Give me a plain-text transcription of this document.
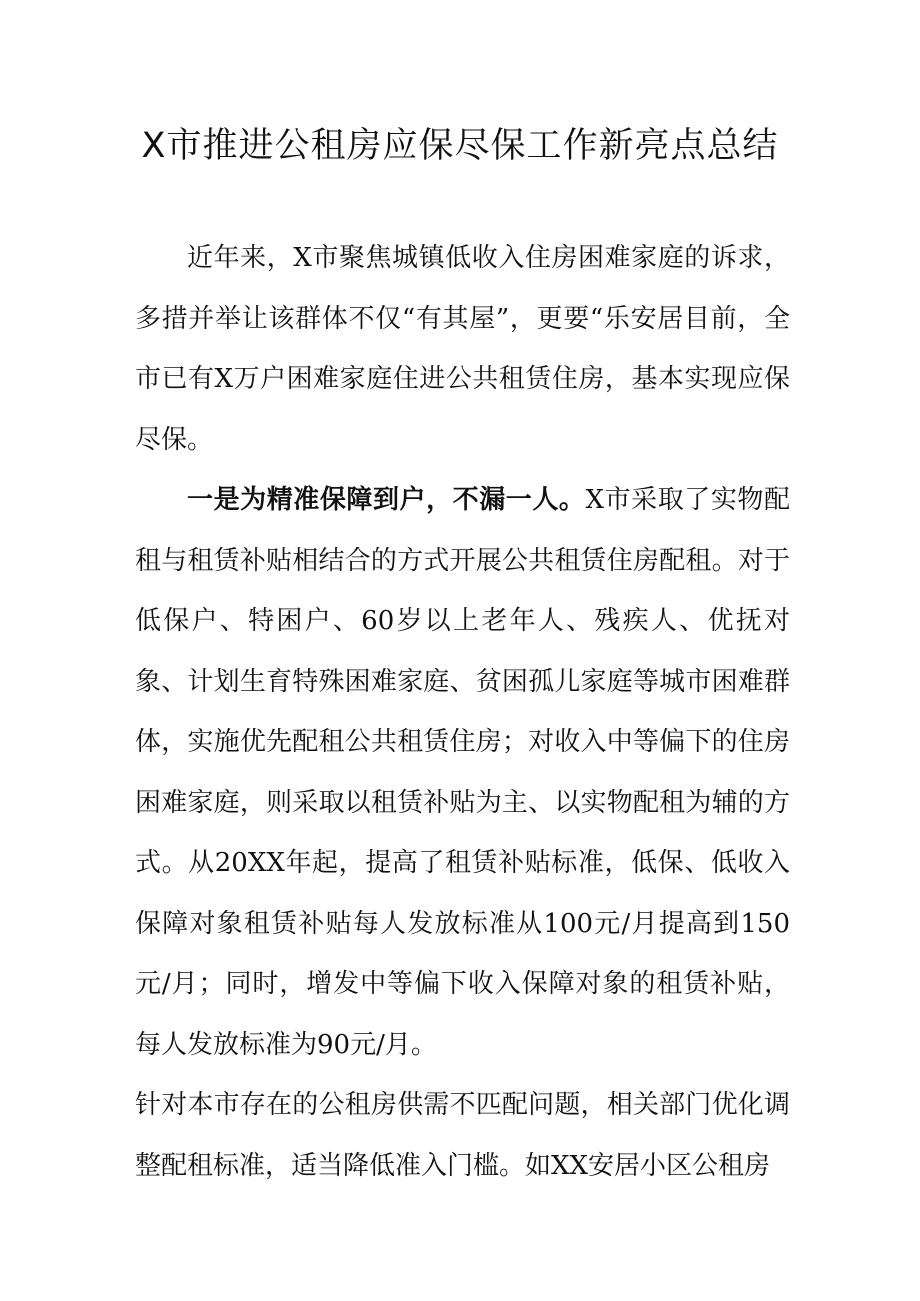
X市推进公租房应保尽保工作新亮点总结

近年来，X市聚焦城镇低收入住房困难家庭的诉求，多措并举让该群体不仅“有其屋”，更要“乐安居目前，全市已有X万户困难家庭住进公共租赁住房，基本实现应保尽保。

一是为精准保障到户，不漏一人。X市采取了实物配租与租赁补贴相结合的方式开展公共租赁住房配租。对于低保户、特困户、60岁以上老年人、残疾人、优抚对象、计划生育特殊困难家庭、贫困孤儿家庭等城市困难群体，实施优先配租公共租赁住房；对收入中等偏下的住房困难家庭，则采取以租赁补贴为主、以实物配租为辅的方式。从20XX年起，提高了租赁补贴标准，低保、低收入保障对象租赁补贴每人发放标准从100元/月提高到150元/月；同时，增发中等偏下收入保障对象的租赁补贴，每人发放标准为90元/月。

针对本市存在的公租房供需不匹配问题，相关部门优化调整配租标准，适当降低准入门槛。如XX安居小区公租房
